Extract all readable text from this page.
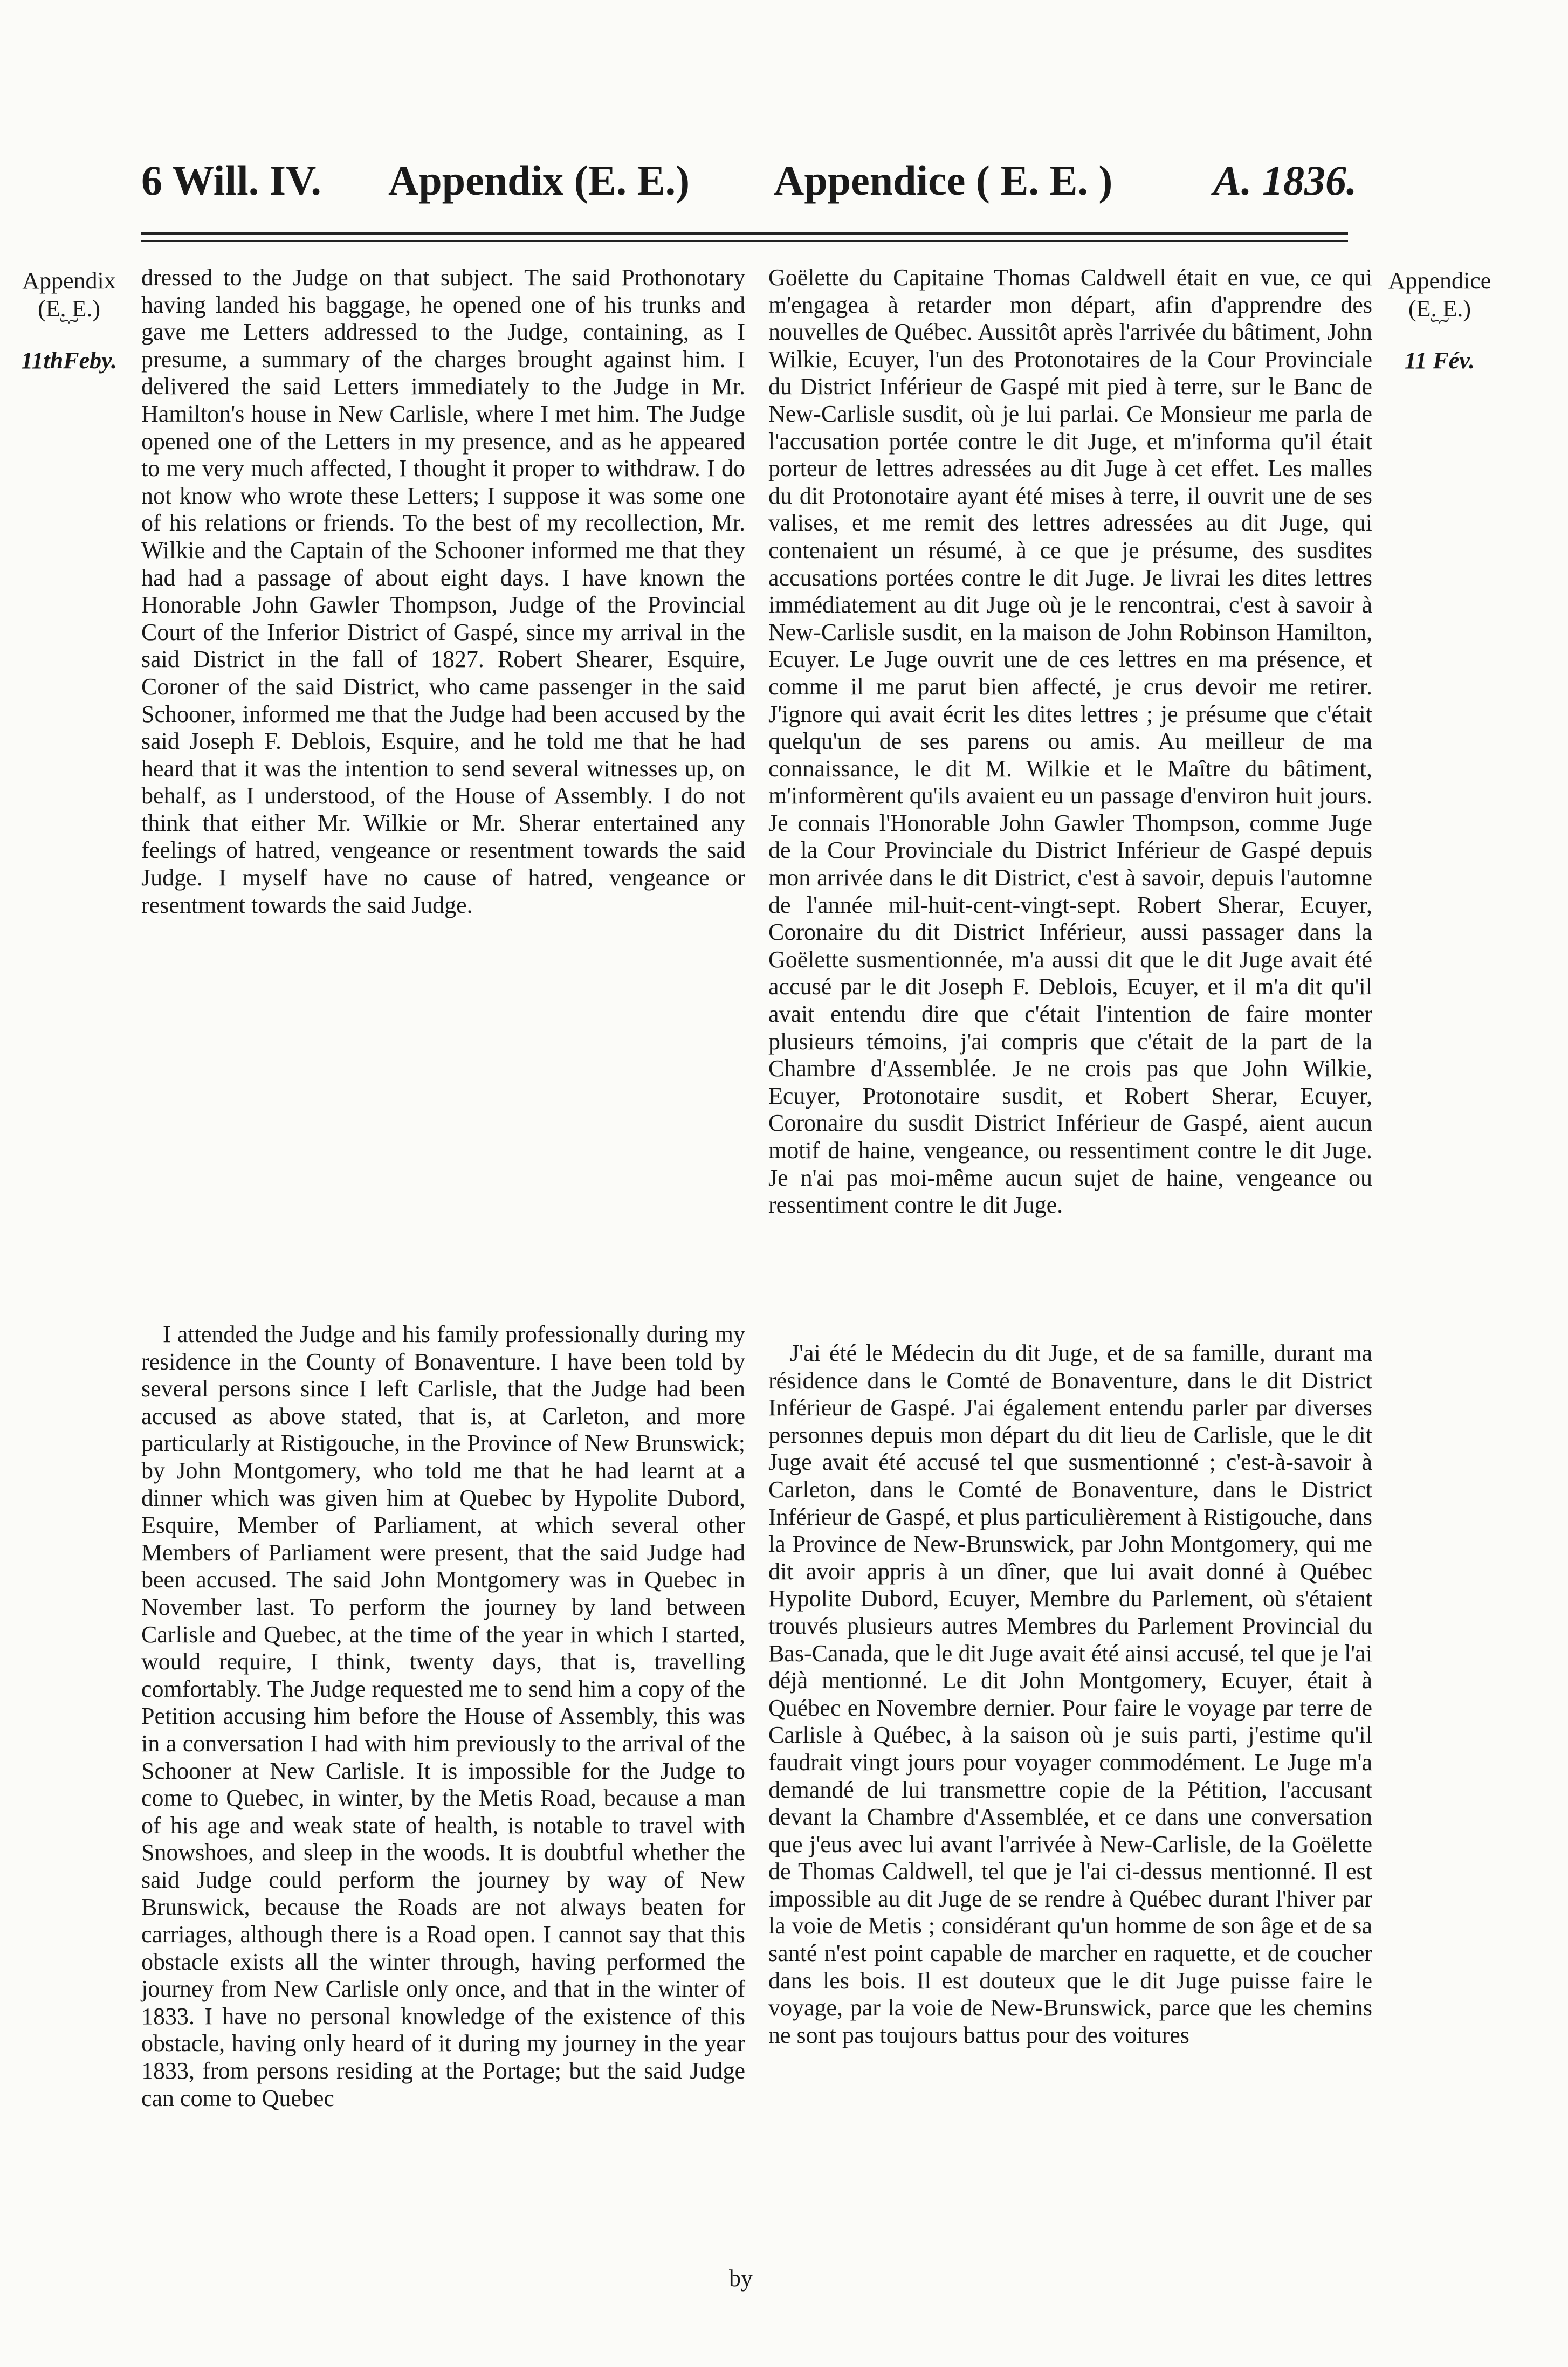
6 Will. IV. Appendix (E. E.) Appendice ( E. E. ) A. 1836.
Appendix
(E. E.)
︸
11thFeby.
Appendice
(E. E.)
︸
11 Fév.

dressed to the Judge on that subject. The said Prothonotary having landed his baggage, he opened one of his trunks and gave me Letters addressed to the Judge, containing, as I presume, a summary of the charges brought against him. I delivered the said Letters immediately to the Judge in Mr. Hamilton's house in New Carlisle, where I met him. The Judge opened one of the Letters in my presence, and as he appeared to me very much affected, I thought it proper to withdraw. I do not know who wrote these Letters; I suppose it was some one of his relations or friends. To the best of my recollection, Mr. Wilkie and the Captain of the Schooner informed me that they had had a passage of about eight days. I have known the Honorable John Gawler Thompson, Judge of the Provincial Court of the Inferior District of Gaspé, since my arrival in the said District in the fall of 1827. Robert Shearer, Esquire, Coroner of the said District, who came passenger in the said Schooner, informed me that the Judge had been accused by the said Joseph F. Deblois, Esquire, and he told me that he had heard that it was the intention to send several witnesses up, on behalf, as I understood, of the House of Assembly. I do not think that either Mr. Wilkie or Mr. Sherar entertained any feelings of hatred, vengeance or resentment towards the said Judge. I myself have no cause of hatred, vengeance or resentment towards the said Judge.

I attended the Judge and his family professionally during my residence in the County of Bonaventure. I have been told by several persons since I left Carlisle, that the Judge had been accused as above stated, that is, at Carleton, and more particularly at Ristigouche, in the Province of New Brunswick; by John Montgomery, who told me that he had learnt at a dinner which was given him at Quebec by Hypolite Dubord, Esquire, Member of Parliament, at which several other Members of Parliament were present, that the said Judge had been accused. The said John Montgomery was in Quebec in November last. To perform the journey by land between Carlisle and Quebec, at the time of the year in which I started, would require, I think, twenty days, that is, travelling comfortably. The Judge requested me to send him a copy of the Petition accusing him before the House of Assembly, this was in a conversation I had with him previously to the arrival of the Schooner at New Carlisle. It is impossible for the Judge to come to Quebec, in winter, by the Metis Road, because a man of his age and weak state of health, is notable to travel with Snowshoes, and sleep in the woods. It is doubtful whether the said Judge could perform the journey by way of New Brunswick, because the Roads are not always beaten for carriages, although there is a Road open. I cannot say that this obstacle exists all the winter through, having performed the journey from New Carlisle only once, and that in the winter of 1833. I have no personal knowledge of the existence of this obstacle, having only heard of it during my journey in the year 1833, from persons residing at the Portage; but the said Judge can come to Quebec

by

Goëlette du Capitaine Thomas Caldwell était en vue, ce qui m'engagea à retarder mon départ, afin d'apprendre des nouvelles de Québec. Aussitôt après l'arrivée du bâtiment, John Wilkie, Ecuyer, l'un des Protonotaires de la Cour Provinciale du District Inférieur de Gaspé mit pied à terre, sur le Banc de New-Carlisle susdit, où je lui parlai. Ce Monsieur me parla de l'accusation portée contre le dit Juge, et m'informa qu'il était porteur de lettres adressées au dit Juge à cet effet. Les malles du dit Protonotaire ayant été mises à terre, il ouvrit une de ses valises, et me remit des lettres adressées au dit Juge, qui contenaient un résumé, à ce que je présume, des susdites accusations portées contre le dit Juge. Je livrai les dites lettres immédiatement au dit Juge où je le rencontrai, c'est à savoir à New-Carlisle susdit, en la maison de John Robinson Hamilton, Ecuyer. Le Juge ouvrit une de ces lettres en ma présence, et comme il me parut bien affecté, je crus devoir me retirer. J'ignore qui avait écrit les dites lettres ; je présume que c'était quelqu'un de ses parens ou amis. Au meilleur de ma connaissance, le dit M. Wilkie et le Maître du bâtiment, m'informèrent qu'ils avaient eu un passage d'environ huit jours. Je connais l'Honorable John Gawler Thompson, comme Juge de la Cour Provinciale du District Inférieur de Gaspé depuis mon arrivée dans le dit District, c'est à savoir, depuis l'automne de l'année mil-huit-cent-vingt-sept. Robert Sherar, Ecuyer, Coronaire du dit District Inférieur, aussi passager dans la Goëlette susmentionnée, m'a aussi dit que le dit Juge avait été accusé par le dit Joseph F. Deblois, Ecuyer, et il m'a dit qu'il avait entendu dire que c'était l'intention de faire monter plusieurs témoins, j'ai compris que c'était de la part de la Chambre d'Assemblée. Je ne crois pas que John Wilkie, Ecuyer, Protonotaire susdit, et Robert Sherar, Ecuyer, Coronaire du susdit District Inférieur de Gaspé, aient aucun motif de haine, vengeance, ou ressentiment contre le dit Juge. Je n'ai pas moi-même aucun sujet de haine, vengeance ou ressentiment contre le dit Juge.

J'ai été le Médecin du dit Juge, et de sa famille, durant ma résidence dans le Comté de Bonaventure, dans le dit District Inférieur de Gaspé. J'ai également entendu parler par diverses personnes depuis mon départ du dit lieu de Carlisle, que le dit Juge avait été accusé tel que susmentionné ; c'est-à-savoir à Carleton, dans le Comté de Bonaventure, dans le District Inférieur de Gaspé, et plus particulièrement à Ristigouche, dans la Province de New-Brunswick, par John Montgomery, qui me dit avoir appris à un dîner, que lui avait donné à Québec Hypolite Dubord, Ecuyer, Membre du Parlement, où s'étaient trouvés plusieurs autres Membres du Parlement Provincial du Bas-Canada, que le dit Juge avait été ainsi accusé, tel que je l'ai déjà mentionné. Le dit John Montgomery, Ecuyer, était à Québec en Novembre dernier. Pour faire le voyage par terre de Carlisle à Québec, à la saison où je suis parti, j'estime qu'il faudrait vingt jours pour voyager commodément. Le Juge m'a demandé de lui transmettre copie de la Pétition, l'accusant devant la Chambre d'Assemblée, et ce dans une conversation que j'eus avec lui avant l'arrivée à New-Carlisle, de la Goëlette de Thomas Caldwell, tel que je l'ai ci-dessus mentionné. Il est impossible au dit Juge de se rendre à Québec durant l'hiver par la voie de Metis ; considérant qu'un homme de son âge et de sa santé n'est point capable de marcher en raquette, et de coucher dans les bois. Il est douteux que le dit Juge puisse faire le voyage, par la voie de New-Brunswick, parce que les chemins ne sont pas toujours battus pour des voitures
